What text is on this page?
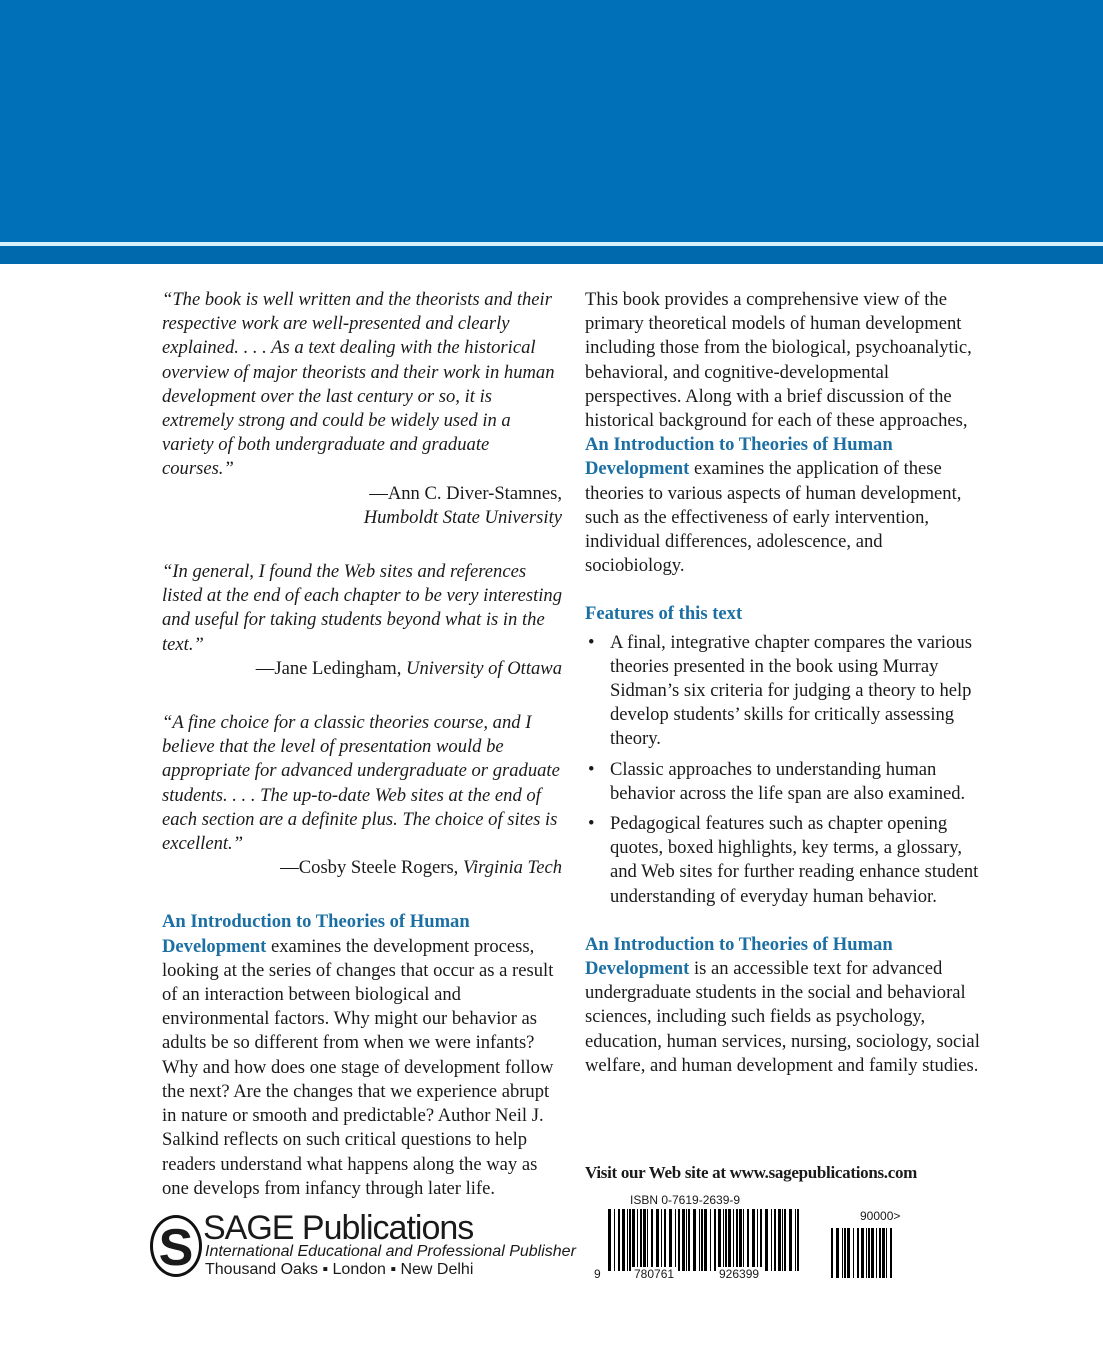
“The book is well written and the theorists and their respective work are well-presented and clearly explained. . . . As a text dealing with the historical overview of major theorists and their work in human development over the last century or so, it is extremely strong and could be widely used in a variety of both undergraduate and graduate courses.”

—Ann C. Diver-Stamnes,
Humboldt State University

“In general, I found the Web sites and references listed at the end of each chapter to be very interesting and useful for taking students beyond what is in the text.”

—Jane Ledingham, University of Ottawa

“A fine choice for a classic theories course, and I believe that the level of presentation would be appropriate for advanced undergraduate or graduate students. . . . The up-to-date Web sites at the end of each section are a definite plus. The choice of sites is excellent.”

—Cosby Steele Rogers, Virginia Tech

An Introduction to Theories of Human Development examines the development process, looking at the series of changes that occur as a result of an interaction between biological and environmental factors. Why might our behavior as adults be so different from when we were infants? Why and how does one stage of development follow the next? Are the changes that we experience abrupt in nature or smooth and predictable? Author Neil J. Salkind reflects on such critical questions to help readers understand what happens along the way as one develops from infancy through later life.

This book provides a comprehensive view of the primary theoretical models of human development including those from the biological, psychoanalytic, behavioral, and cognitive-developmental perspectives. Along with a brief discussion of the historical background for each of these approaches, An Introduction to Theories of Human Development examines the application of these theories to various aspects of human development, such as the effectiveness of early intervention, individual differences, adolescence, and sociobiology.

Features of this text
• A final, integrative chapter compares the various theories presented in the book using Murray Sidman’s six criteria for judging a theory to help develop students’ skills for critically assessing theory.
• Classic approaches to understanding human behavior across the life span are also examined.
• Pedagogical features such as chapter opening quotes, boxed highlights, key terms, a glossary, and Web sites for further reading enhance student understanding of everyday human behavior.

An Introduction to Theories of Human Development is an accessible text for advanced undergraduate students in the social and behavioral sciences, including such fields as psychology, education, human services, nursing, sociology, social welfare, and human development and family studies.

Visit our Web site at www.sagepublications.com
S SAGE Publications
International Educational and Professional Publisher
Thousand Oaks ▪ London ▪ New Delhi
ISBN 0-7619-2639-9
90000>
9	780761	926399
